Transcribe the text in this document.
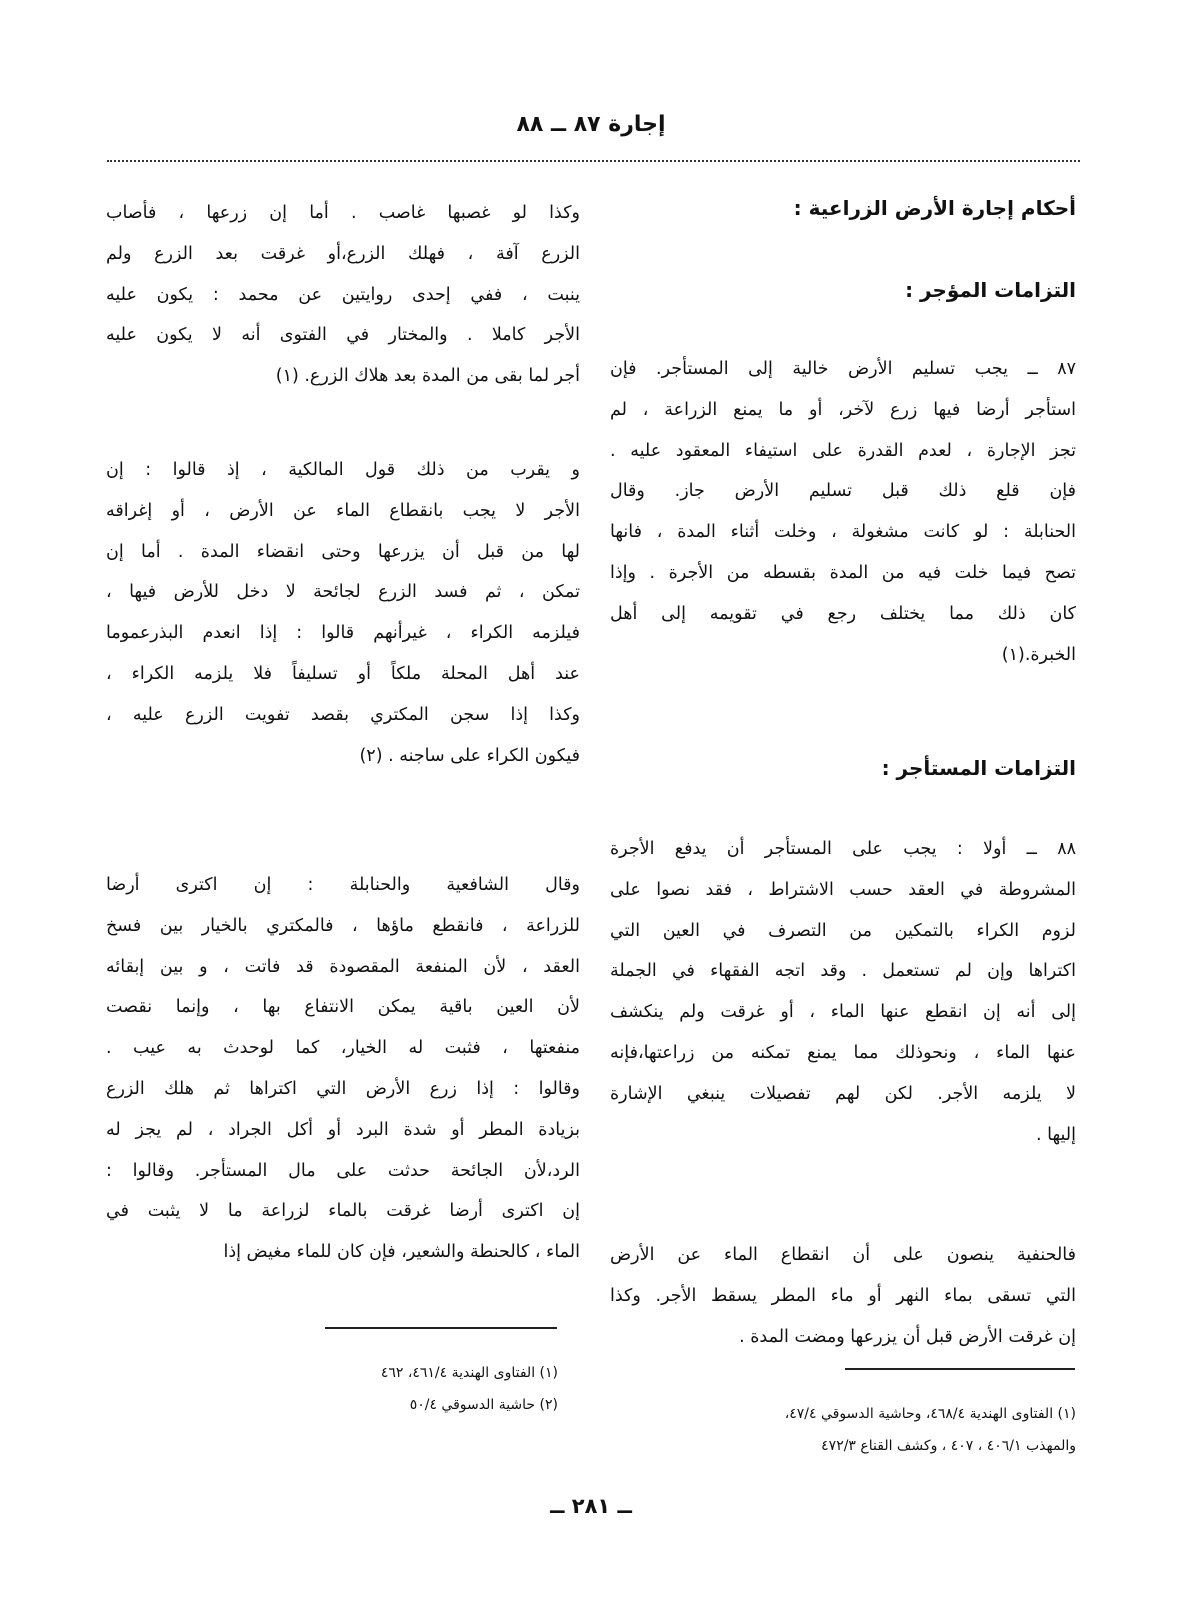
إجارة ٨٧ ــ ٨٨
أحكام إجارة الأرض الزراعية :
التزامات المؤجر :
٨٧ ــ يجب تسليم الأرض خالية إلى المستأجر. فإن
استأجر أرضا فيها زرع لآخر، أو ما يمنع الزراعة ، لم
تجز الإجارة ، لعدم القدرة على استيفاء المعقود عليه .
فإن قلع ذلك قبل تسليم الأرض جاز. وقال
الحنابلة : لو كانت مشغولة ، وخلت أثناء المدة ، فانها
تصح فيما خلت فيه من المدة بقسطه من الأجرة . وإذا
كان ذلك مما يختلف رجع في تقويمه إلى أهل
الخبرة.(١)
التزامات المستأجر :
٨٨ ــ أولا : يجب على المستأجر أن يدفع الأجرة
المشروطة في العقد حسب الاشتراط ، فقد نصوا على
لزوم الكراء بالتمكين من التصرف في العين التي
اكتراها وإن لم تستعمل . وقد اتجه الفقهاء في الجملة
إلى أنه إن انقطع عنها الماء ، أو غرقت ولم ينكشف
عنها الماء ، ونحوذلك مما يمنع تمكنه من زراعتها،فإنه
لا يلزمه الأجر. لكن لهم تفصيلات ينبغي الإشارة
إليها .
فالحنفية ينصون على أن انقطاع الماء عن الأرض
التي تسقى بماء النهر أو ماء المطر يسقط الأجر. وكذا
إن غرقت الأرض قبل أن يزرعها ومضت المدة .
(١) الفتاوى الهندية ٤٦٨/٤، وحاشية الدسوقي ٤٧/٤،
والمهذب ٤٠٦/١ ، ٤٠٧ ، وكشف القناع ٤٧٢/٣
وكذا لو غصبها غاصب . أما إن زرعها ، فأصاب
الزرع آفة ، فهلك الزرع،أو غرقت بعد الزرع ولم
ينبت ، ففي إحدى روايتين عن محمد : يكون عليه
الأجر كاملا . والمختار في الفتوى أنه لا يكون عليه
أجر لما بقى من المدة بعد هلاك الزرع. (١)
و يقرب من ذلك قول المالكية ، إذ قالوا : إن
الأجر لا يجب بانقطاع الماء عن الأرض ، أو إغراقه
لها من قبل أن يزرعها وحتى انقضاء المدة . أما إن
تمكن ، ثم فسد الزرع لجائحة لا دخل للأرض فيها ،
فيلزمه الكراء ، غيرأنهم قالوا : إذا انعدم البذرعموما
عند أهل المحلة ملكاً أو تسليفاً فلا يلزمه الكراء ،
وكذا إذا سجن المكتري بقصد تفويت الزرع عليه ،
فيكون الكراء على ساجنه . (٢)
وقال الشافعية والحنابلة : إن اكترى أرضا
للزراعة ، فانقطع ماؤها ، فالمكتري بالخيار بين فسخ
العقد ، لأن المنفعة المقصودة قد فاتت ، و بين إبقائه
لأن العين باقية يمكن الانتفاع بها ، وإنما نقصت
منفعتها ، فثبت له الخيار، كما لوحدث به عيب .
وقالوا : إذا زرع الأرض التي اكتراها ثم هلك الزرع
بزيادة المطر أو شدة البرد أو أكل الجراد ، لم يجز له
الرد،لأن الجائحة حدثت على مال المستأجر. وقالوا :
إن اكترى أرضا غرقت بالماء لزراعة ما لا يثبت في
الماء ، كالحنطة والشعير، فإن كان للماء مغيض إذا
(١) الفتاوى الهندية ٤٦١/٤، ٤٦٢
(٢) حاشية الدسوقي ٥٠/٤
ــ ٢٨١ ــ
